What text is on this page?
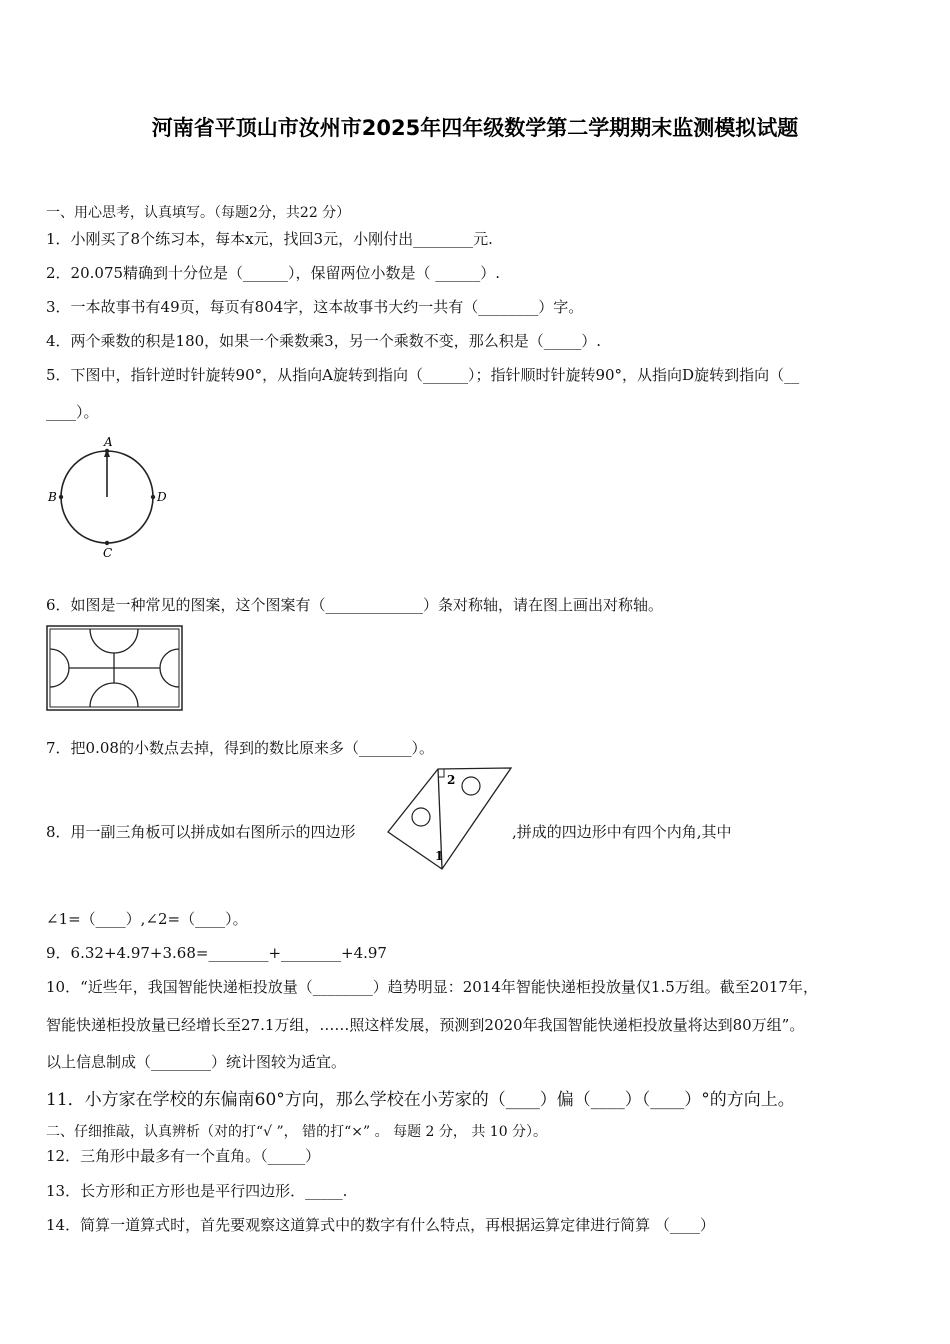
河南省平顶山市汝州市2025年四年级数学第二学期期末监测模拟试题
一、用心思考，认真填写。（每题2分，共22 分）
1．小刚买了8个练习本，每本x元，找回3元，小刚付出________元.
2．20.075精确到十分位是（______），保留两位小数是（ ______）.
3．一本故事书有49页，每页有804字，这本故事书大约一共有（________）字。
4．两个乘数的积是180，如果一个乘数乘3，另一个乘数不变，那么积是（_____）.
5．下图中，指针逆时针旋转90°，从指向A旋转到指向（______）；指针顺时针旋转90°，从指向D旋转到指向（__
____）。
A
B
C
D
6．如图是一种常见的图案，这个图案有（_____________）条对称轴，请在图上画出对称轴。
7．把0.08的小数点去掉，得到的数比原来多（_______）。
8．用一副三角板可以拼成如右图所示的四边形
2
1
,拼成的四边形中有四个内角,其中
∠1=（____）,∠2=（____）。
9．6.32+4.97+3.68=________+________+4.97
10．“近些年，我国智能快递柜投放量（________）趋势明显：2014年智能快递柜投放量仅1.5万组。截至2017年，
智能快递柜投放量已经增长至27.1万组，……照这样发展，预测到2020年我国智能快递柜投放量将达到80万组”。
以上信息制成（________）统计图较为适宜。
11．小方家在学校的东偏南60°方向，那么学校在小芳家的（____）偏（____）（____）°的方向上。
二、仔细推敲，认真辨析（对的打“√ ”， 错的打“×” 。 每题 2 分， 共 10 分）。
12．三角形中最多有一个直角。（_____）
13．长方形和正方形也是平行四边形．_____.
14．简算一道算式时，首先要观察这道算式中的数字有什么特点，再根据运算定律进行简算 （____）
